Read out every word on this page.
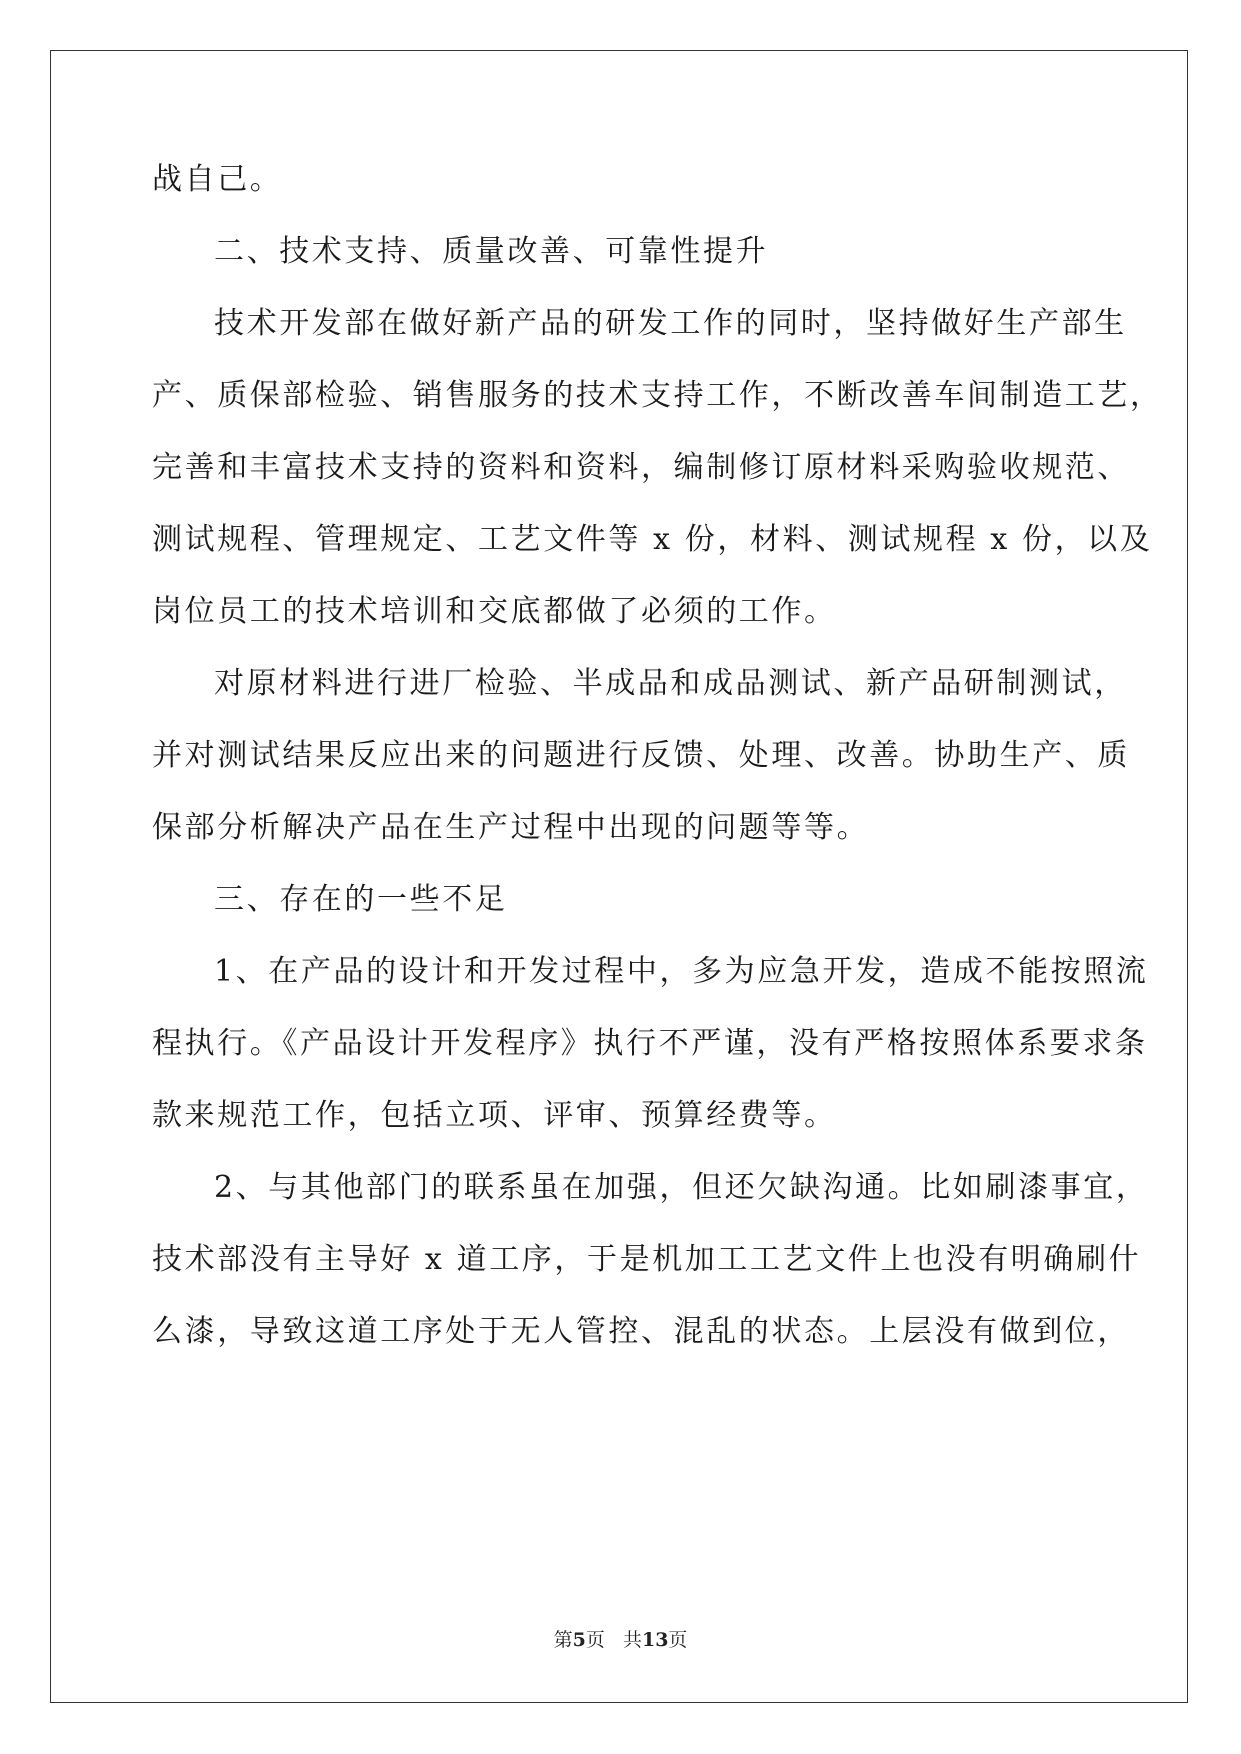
战自己。
二、技术支持、质量改善、可靠性提升
技术开发部在做好新产品的研发工作的同时，坚持做好生产部生
产、质保部检验、销售服务的技术支持工作，不断改善车间制造工艺，
完善和丰富技术支持的资料和资料，编制修订原材料采购验收规范、
测试规程、管理规定、工艺文件等 x 份，材料、测试规程 x 份，以及
岗位员工的技术培训和交底都做了必须的工作。
对原材料进行进厂检验、半成品和成品测试、新产品研制测试，
并对测试结果反应出来的问题进行反馈、处理、改善。协助生产、质
保部分析解决产品在生产过程中出现的问题等等。
三、存在的一些不足
1、在产品的设计和开发过程中，多为应急开发，造成不能按照流
程执行。《产品设计开发程序》执行不严谨，没有严格按照体系要求条
款来规范工作，包括立项、评审、预算经费等。
2、与其他部门的联系虽在加强，但还欠缺沟通。比如刷漆事宜，
技术部没有主导好 x 道工序，于是机加工工艺文件上也没有明确刷什
么漆，导致这道工序处于无人管控、混乱的状态。上层没有做到位，
第5页 共13页
